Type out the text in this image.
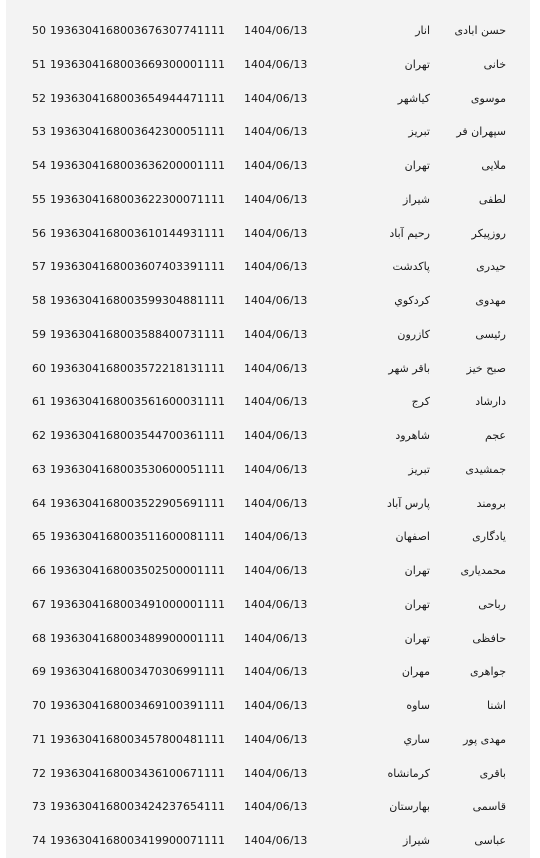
50 1936304168003676307741111 1404/06/13	انار	حسن ابادی
51 1936304168003669300001111 1404/06/13	تهران	خانی
52 1936304168003654944471111 1404/06/13	کیاشهر	موسوی
53 1936304168003642300051111 1404/06/13	تبریز	سپهران فر
54 1936304168003636200001111 1404/06/13	تهران	ملایی
55 1936304168003622300071111 1404/06/13	شیراز	لطفی
56 1936304168003610144931111 1404/06/13	رحیم آباد	روزپیکر
57 1936304168003607403391111 1404/06/13	پاکدشت	حیدری
58 1936304168003599304881111 1404/06/13	کردکوي	مهدوی
59 1936304168003588400731111 1404/06/13	کازرون	رئیسی
60 1936304168003572218131111 1404/06/13	باقر شهر	صبح خیز
61 1936304168003561600031111 1404/06/13	کرج	دارشاد
62 1936304168003544700361111 1404/06/13	شاهرود	عجم
63 1936304168003530600051111 1404/06/13	تبریز	جمشیدی
64 1936304168003522905691111 1404/06/13	پارس آباد	برومند
65 1936304168003511600081111 1404/06/13	اصفهان	یادگاری
66 1936304168003502500001111 1404/06/13	تهران	محمدیاری
67 1936304168003491000001111 1404/06/13	تهران	رباحی
68 1936304168003489900001111 1404/06/13	تهران	حافظی
69 1936304168003470306991111 1404/06/13	مهران	جواهری
70 1936304168003469100391111 1404/06/13	ساوه	اشنا
71 1936304168003457800481111 1404/06/13	ساري	مهدی پور
72 1936304168003436100671111 1404/06/13	کرمانشاه	باقری
73 1936304168003424237654111 1404/06/13	بهارستان	قاسمی
74 1936304168003419900071111 1404/06/13	شیراز	عباسی
